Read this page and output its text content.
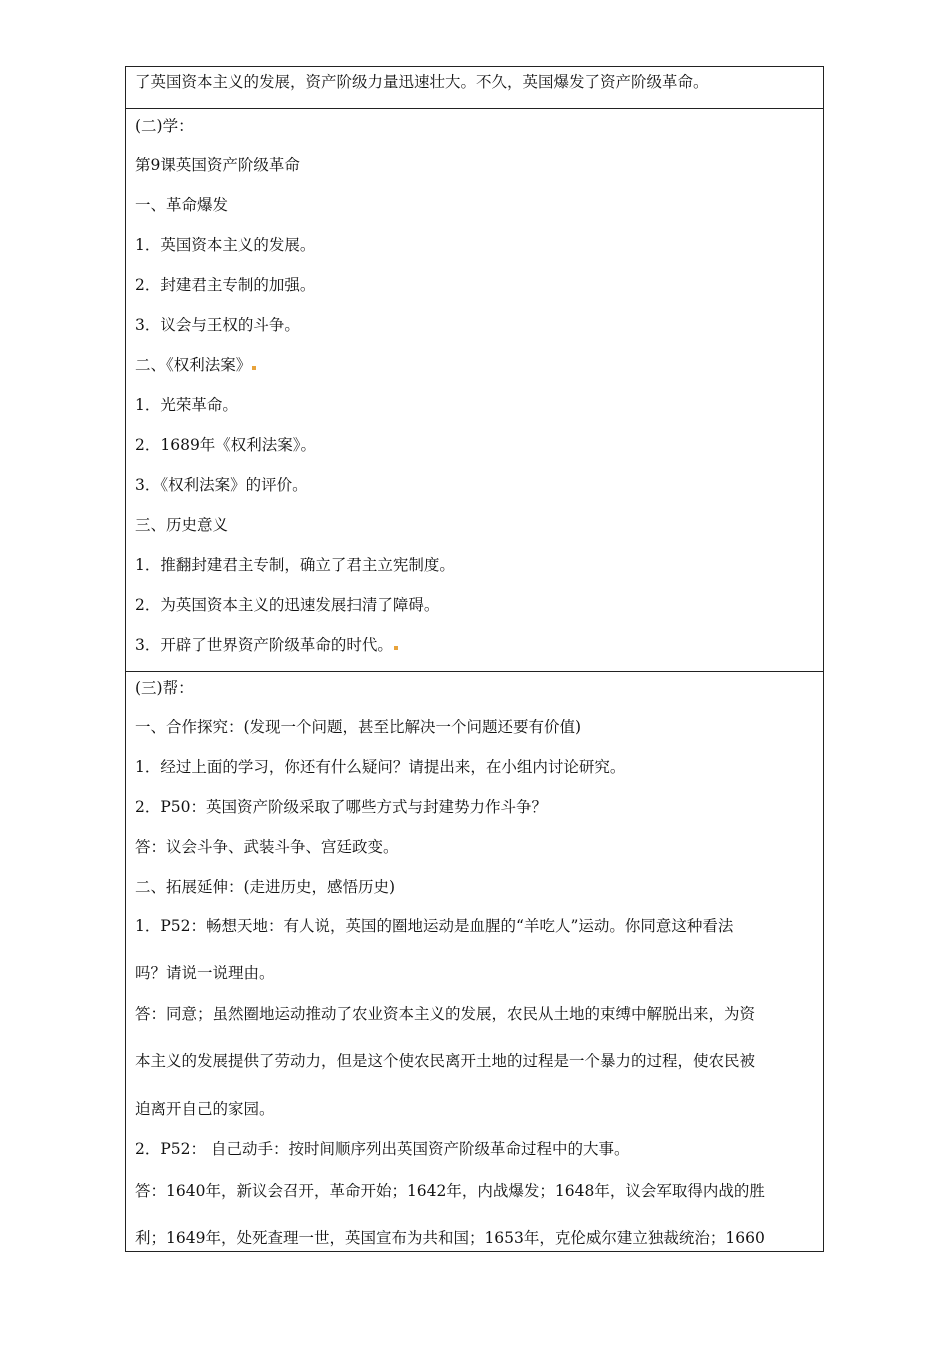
了英国资本主义的发展，资产阶级力量迅速壮大。不久，英国爆发了资产阶级革命。
(二)学：
第9课英国资产阶级革命
一、革命爆发
1．英国资本主义的发展。
2．封建君主专制的加强。
3．议会与王权的斗争。
二、《权利法案》
1．光荣革命。
2．1689年《权利法案》。
3．《权利法案》的评价。
三、历史意义
1．推翻封建君主专制，确立了君主立宪制度。
2．为英国资本主义的迅速发展扫清了障碍。
3．开辟了世界资产阶级革命的时代。
(三)帮：
一、合作探究：(发现一个问题，甚至比解决一个问题还要有价值)
1．经过上面的学习，你还有什么疑问？请提出来，在小组内讨论研究。
2．P50：英国资产阶级采取了哪些方式与封建势力作斗争？
答：议会斗争、武装斗争、宫廷政变。
二、拓展延伸：(走进历史，感悟历史)
1．P52：畅想天地：有人说，英国的圈地运动是血腥的“羊吃人”运动。你同意这种看法
吗？请说一说理由。
答：同意；虽然圈地运动推动了农业资本主义的发展，农民从土地的束缚中解脱出来，为资
本主义的发展提供了劳动力，但是这个使农民离开土地的过程是一个暴力的过程，使农民被
迫离开自己的家园。
2．P52： 自己动手：按时间顺序列出英国资产阶级革命过程中的大事。
答：1640年，新议会召开，革命开始；1642年，内战爆发；1648年，议会军取得内战的胜
利；1649年，处死查理一世，英国宣布为共和国；1653年，克伦威尔建立独裁统治；1660
